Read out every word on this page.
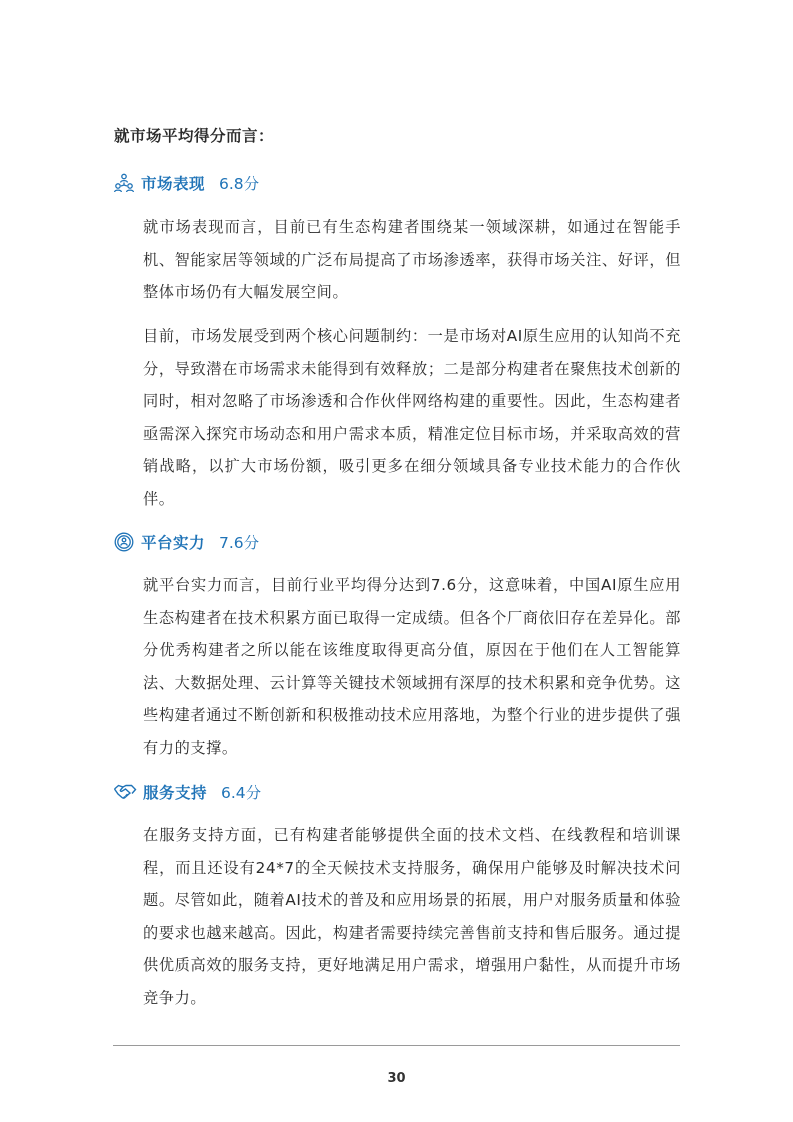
就市场平均得分而言：
市场表现 6.8分

就市场表现而言，目前已有生态构建者围绕某一领域深耕，如通过在智能手机、智能家居等领域的广泛布局提高了市场渗透率，获得市场关注、好评，但整体市场仍有大幅发展空间。

目前，市场发展受到两个核心问题制约：一是市场对AI原生应用的认知尚不充分，导致潜在市场需求未能得到有效释放；二是部分构建者在聚焦技术创新的同时，相对忽略了市场渗透和合作伙伴网络构建的重要性。因此，生态构建者亟需深入探究市场动态和用户需求本质，精准定位目标市场，并采取高效的营销战略，以扩大市场份额，吸引更多在细分领域具备专业技术能力的合作伙伴。

平台实力 7.6分

就平台实力而言，目前行业平均得分达到7.6分，这意味着，中国AI原生应用生态构建者在技术积累方面已取得一定成绩。但各个厂商依旧存在差异化。部分优秀构建者之所以能在该维度取得更高分值，原因在于他们在人工智能算法、大数据处理、云计算等关键技术领域拥有深厚的技术积累和竞争优势。这些构建者通过不断创新和积极推动技术应用落地，为整个行业的进步提供了强有力的支撑。

服务支持 6.4分

在服务支持方面，已有构建者能够提供全面的技术文档、在线教程和培训课程，而且还设有24*7的全天候技术支持服务，确保用户能够及时解决技术问题。尽管如此，随着AI技术的普及和应用场景的拓展，用户对服务质量和体验的要求也越来越高。因此，构建者需要持续完善售前支持和售后服务。通过提供优质高效的服务支持，更好地满足用户需求，增强用户黏性，从而提升市场竞争力。

30
